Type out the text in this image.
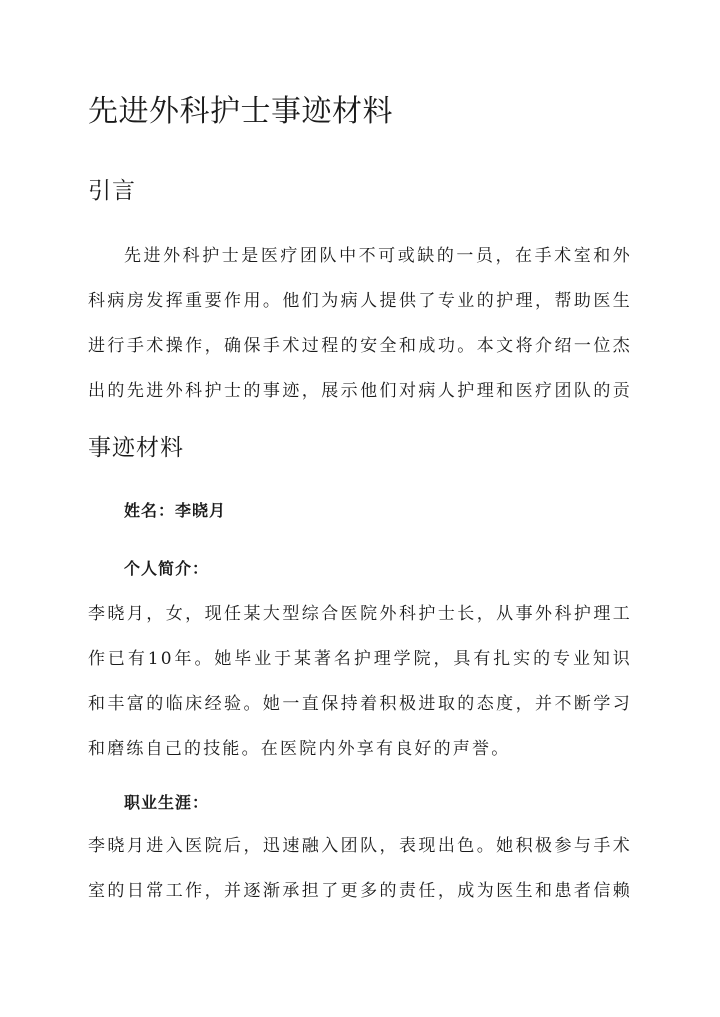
先进外科护士事迹材料
引言

先进外科护士是医疗团队中不可或缺的一员，在手术室和外科病房发挥重要作用。他们为病人提供了专业的护理，帮助医生进行手术操作，确保手术过程的安全和成功。本文将介绍一位杰出的先进外科护士的事迹，展示他们对病人护理和医疗团队的贡

事迹材料
姓名：李晓月
个人简介：

李晓月，女，现任某大型综合医院外科护士长，从事外科护理工作已有10年。她毕业于某著名护理学院，具有扎实的专业知识和丰富的临床经验。她一直保持着积极进取的态度，并不断学习和磨练自己的技能。在医院内外享有良好的声誉。

职业生涯：

李晓月进入医院后，迅速融入团队，表现出色。她积极参与手术室的日常工作，并逐渐承担了更多的责任，成为医生和患者信赖
